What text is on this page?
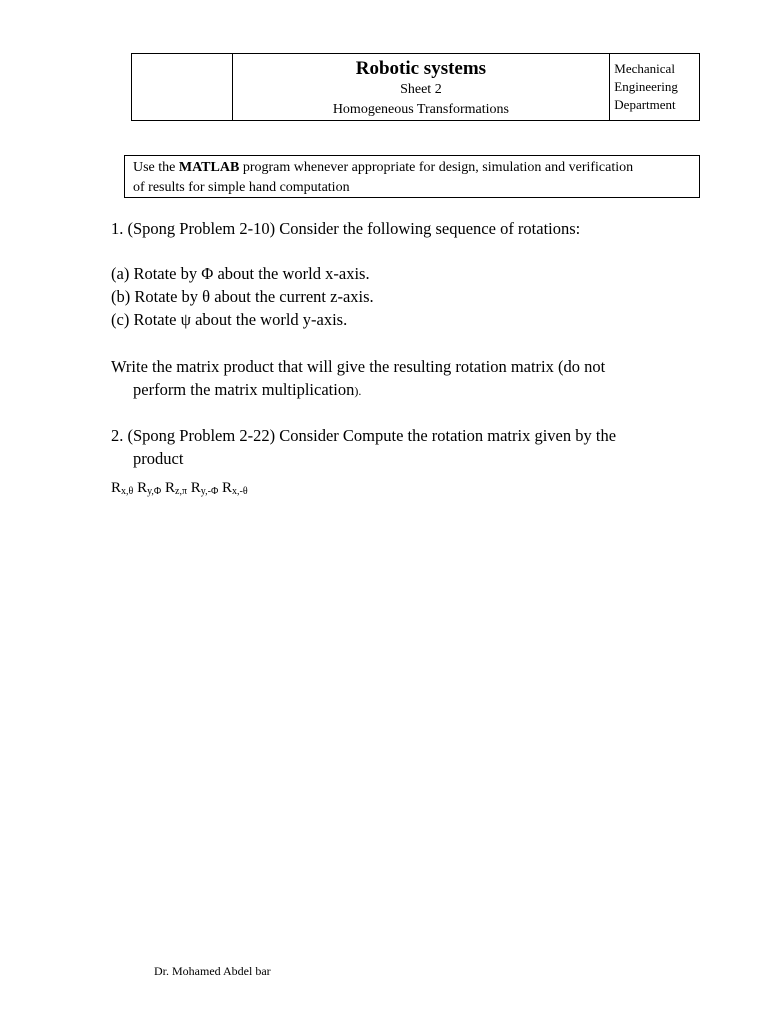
Robotic systems
Sheet 2
Homogeneous Transformations

Mechanical
Engineering
Department
Use the MATLAB program whenever appropriate for design, simulation and verification
of results for simple hand computation
1. (Spong Problem 2-10) Consider the following sequence of rotations:
(a) Rotate by Φ about the world x-axis.
(b) Rotate by θ about the current z-axis.
(c) Rotate ψ about the world y-axis.
Write the matrix product that will give the resulting rotation matrix (do not
perform the matrix multiplication).
2. (Spong Problem 2-22) Consider Compute the rotation matrix given by the
product
$R_{x,\theta}$ $R_{y,\Phi}$ $R_{z,\pi}$ $R_{y,-\Phi}$ $R_{x,-\theta}$
Dr. Mohamed Abdel bar
